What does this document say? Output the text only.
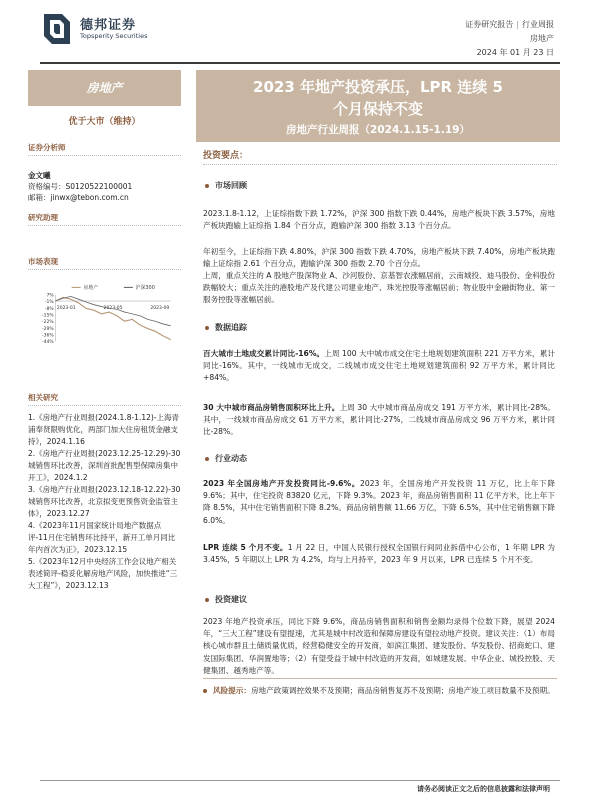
德邦证券
Topsperity Securities
证券研究报告 | 行业周报
房地产
2024 年 01 月 23 日
房地产
优于大市（维持）
证券分析师
金文曦
资格编号：S0120522100001
邮箱：jinwx@tebon.com.cn
研究助理
市场表现
7%
-1%
-8%
-15%
-22%
-29%
-36%
-44%
2023-01	2023-05	2023-09
房地产	沪深300
相关研究
1.《房地产行业周报(2024.1.8-1.12)-上海青浦奉贤限购优化，两部门加大住房租赁金融支持》，2024.1.16
2.《房地产行业周报(2023.12.25-12.29)-30城销售环比改善，深圳首批配售型保障房集中开工》，2024.1.2
3.《房地产行业周报(2023.12.18-12.22)-30城销售环比改善，北京拟变更预售资金监管主体》，2023.12.27
4.《2023年11月国家统计局地产数据点评-11月住宅销售环比持平，新开工单月同比年内首次为正》，2023.12.15
5.《2023年12月中央经济工作会议地产相关表述简评-稳妥化解房地产风险，加快推进“三大工程”》，2023.12.13
2023 年地产投资承压，LPR 连续 5
个月保持不变
房地产行业周报（2024.1.15-1.19）
投资要点：
市场回顾
2023.1.8-1.12，上证综指数下跌 1.72%，沪深 300 指数下跌 0.44%，房地产板块下跌 3.57%，房地产板块跑输上证综指 1.84 个百分点，跑输沪深 300 指数 3.13 个百分点。
年初至今，上证综指下跌 4.80%，沪深 300 指数下跌 4.70%，房地产板块下跌 7.40%，房地产板块跑输上证综指 2.61 个百分点，跑输沪深 300 指数 2.70 个百分点。
上周，重点关注的 A 股地产股深物业 A、沙河股份、京基智农涨幅居前，云南城投、迪马股份、金科股份跌幅较大；重点关注的港股地产及代建公司建业地产、珠光控股等涨幅居前；物业股中金融街物业、第一服务控股等涨幅居前。
数据追踪
百大城市土地成交累计同比-16%。上周 100 大中城市成交住宅土地规划建筑面积 221 万平方米，累计同比-16%。其中，一线城市无成交，二线城市成交住宅土地规划建筑面积 92 万平方米，累计同比+84%。
30 大中城市商品房销售面积环比上升。上周 30 大中城市商品房成交 191 万平方米，累计同比-28%。其中，一线城市商品房成交 61 万平方米，累计同比-27%，二线城市商品房成交 96 万平方米，累计同比-28%。
行业动态
2023 年全国房地产开发投资同比-9.6%。2023 年，全国房地产开发投资 11 万亿，比上年下降 9.6%；其中，住宅投资 83820 亿元，下降 9.3%。2023 年，商品房销售面积 11 亿平方米，比上年下降 8.5%，其中住宅销售面积下降 8.2%。商品房销售额 11.66 万亿，下降 6.5%，其中住宅销售额下降 6.0%。
LPR 连续 5 个月不变。1 月 22 日，中国人民银行授权全国银行间同业拆借中心公布，1 年期 LPR 为 3.45%，5 年期以上 LPR 为 4.2%，均与上月持平，2023 年 9 月以来，LPR 已连续 5 个月不变。
投资建议
2023 年地产投资承压，同比下降 9.6%，商品房销售面积和销售金额均录得个位数下降，展望 2024 年，“三大工程”建设有望提速，尤其是城中村改造和保障房建设有望拉动地产投资。建议关注：（1）布局核心城市群且土储质量优质，经营稳健安全的开发商，如滨江集团、建发股份、华发股份、招商蛇口、建发国际集团、华润置地等；（2）有望受益于城中村改造的开发商，如城建发展、中华企业、城投控股、天健集团、越秀地产等。
风险提示：房地产政策调控效果不及预期；商品房销售复苏不及预期；房地产竣工项目数量不及预期。
请务必阅读正文之后的信息披露和法律声明
